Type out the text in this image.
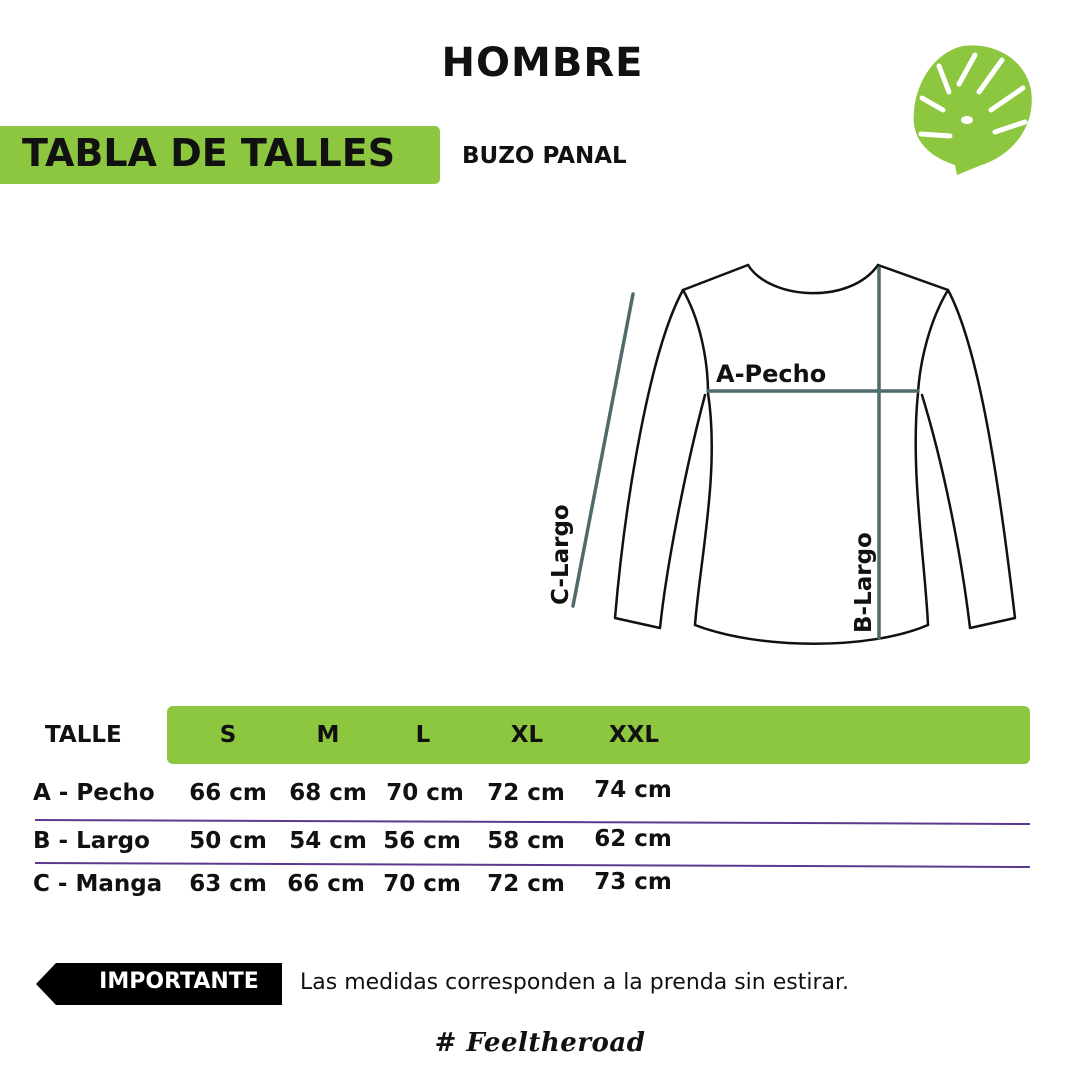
HOMBRE
TABLA DE TALLES	BUZO PANAL
A-Pecho
B-Largo
C-Largo
TALLE	S	M	L	XL	XXL
A - Pecho	66 cm 68 cm 70 cm	72 cm	74 cm
B - Largo	50 cm 54 cm 56 cm	58 cm	62 cm
C - Manga	63 cm 66 cm 70 cm	72 cm	73 cm
IMPORTANTE	Las medidas corresponden a la prenda sin estirar.
# Feeltheroad
